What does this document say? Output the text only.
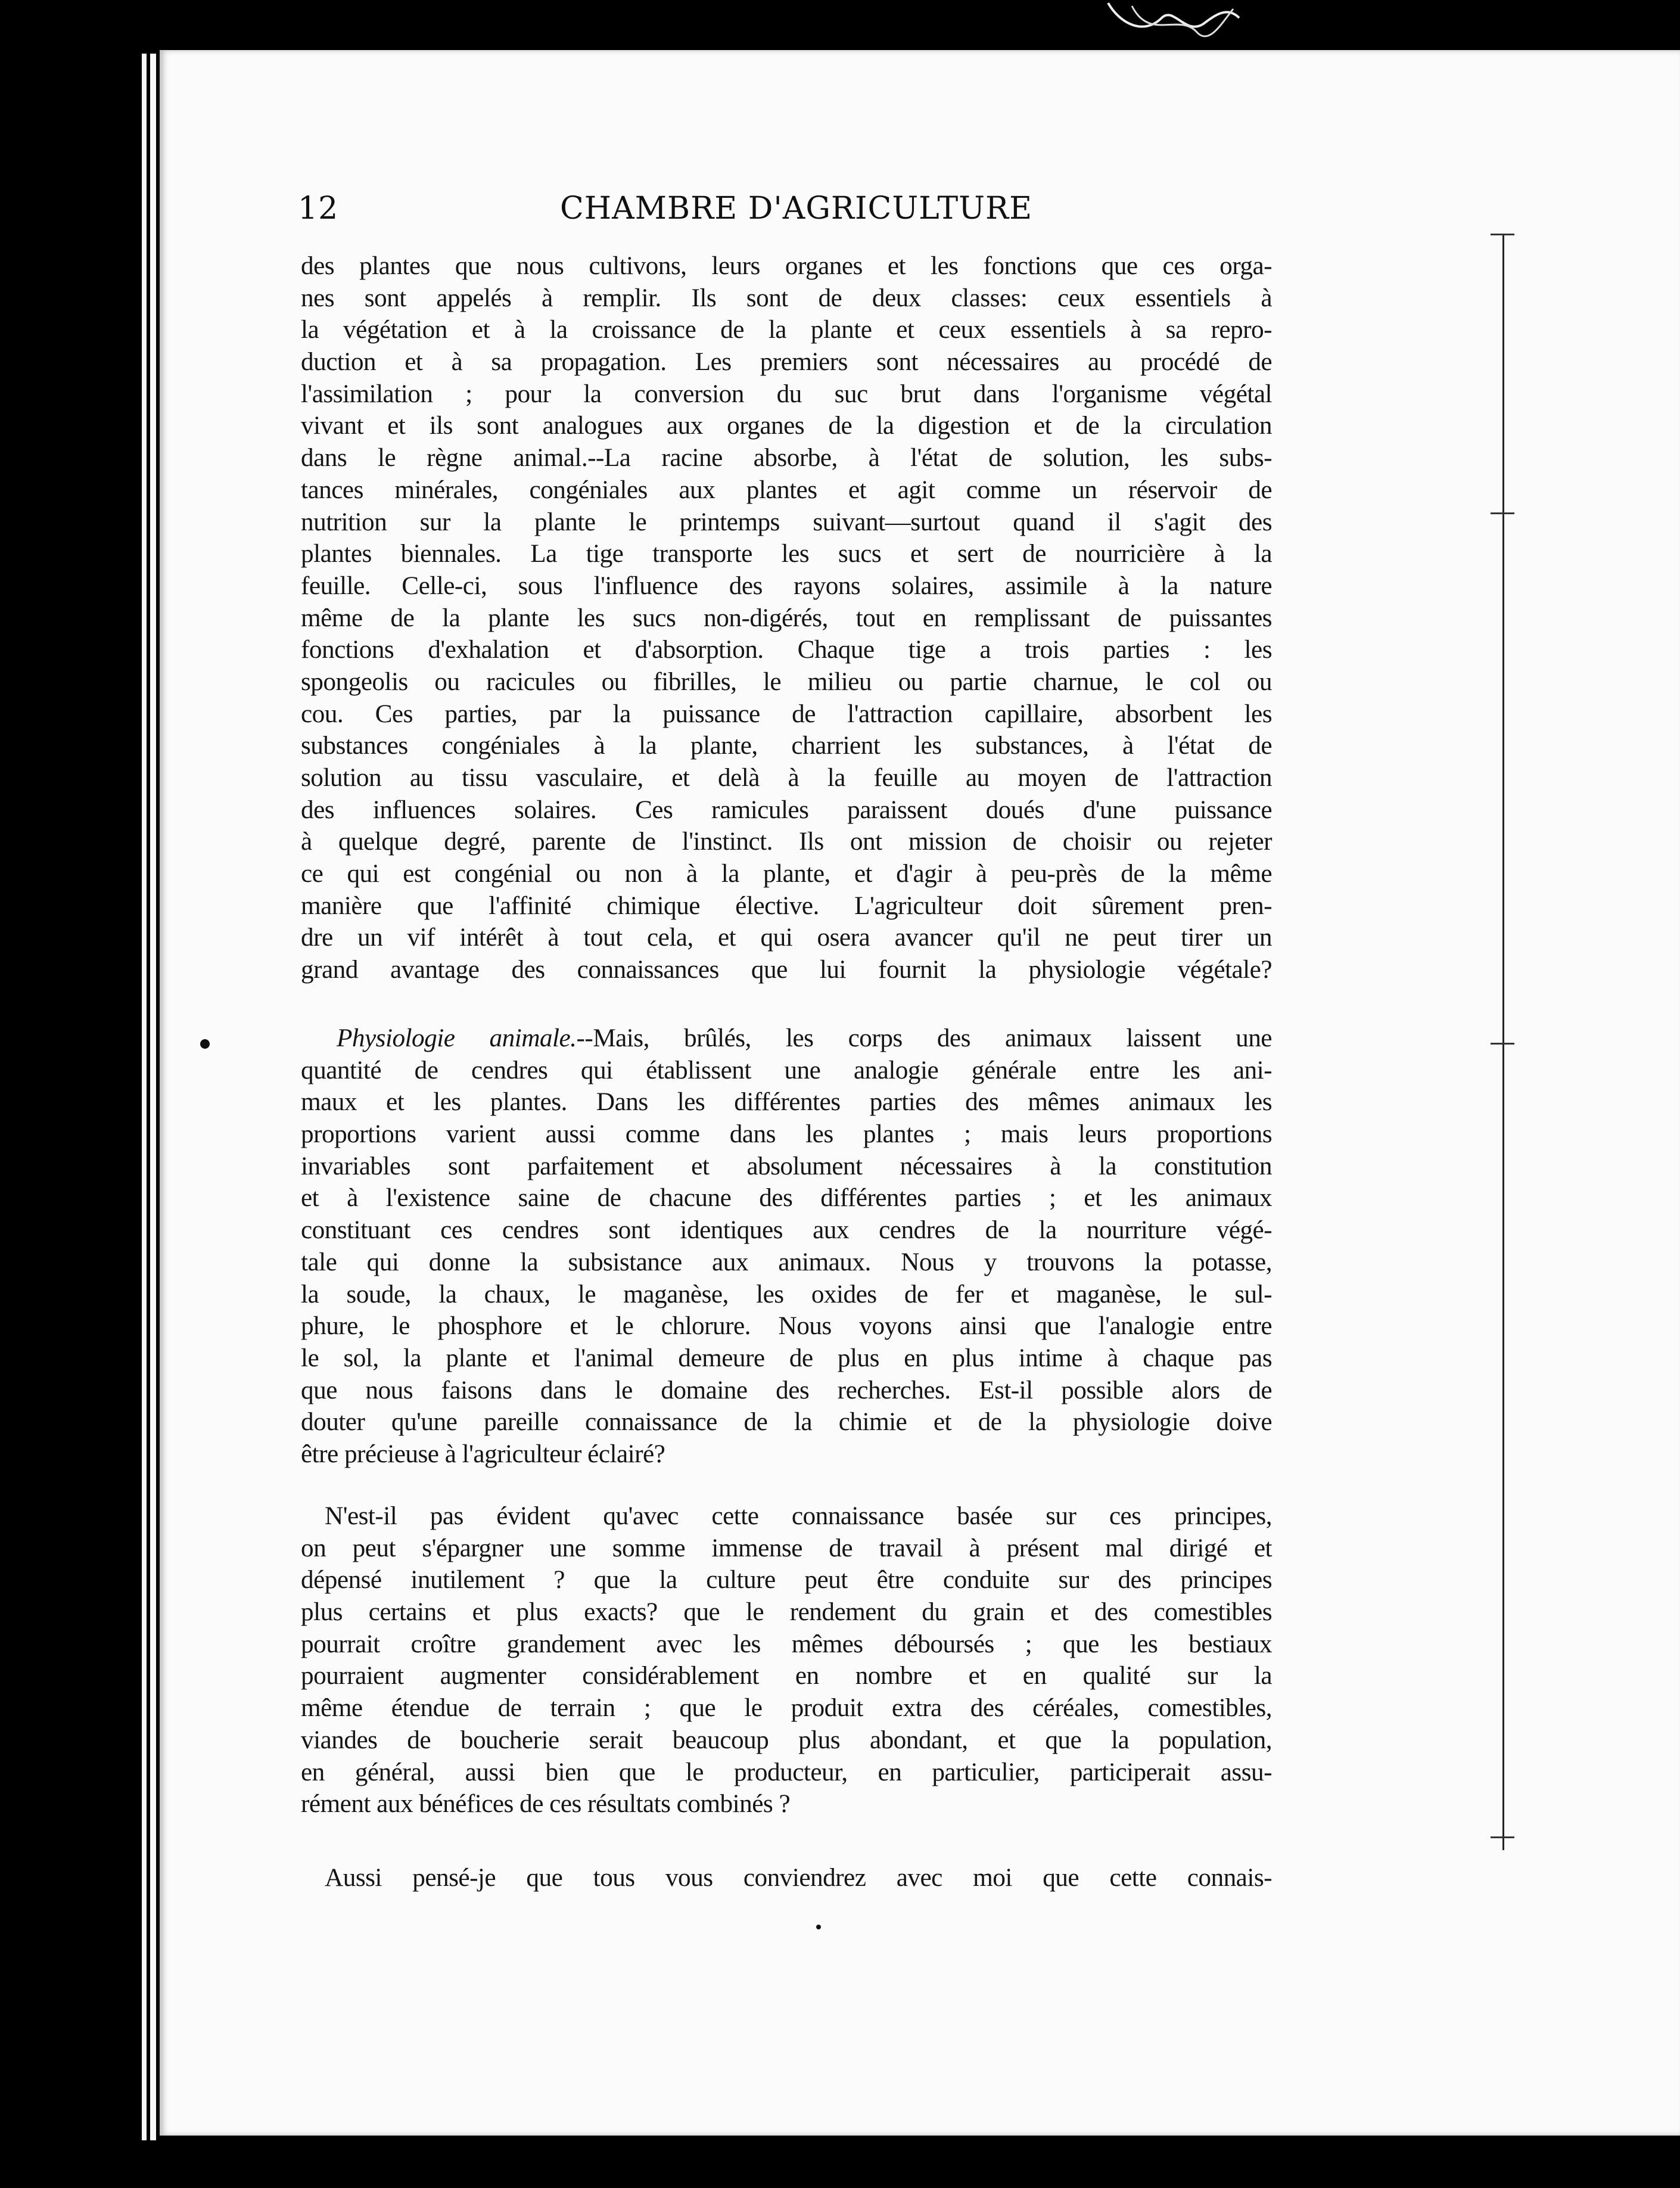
12	CHAMBRE D'AGRICULTURE
des plantes que nous cultivons, leurs organes et les fonctions que ces orga-
nes sont appelés à remplir. Ils sont de deux classes: ceux essentiels à
la végétation et à la croissance de la plante et ceux essentiels à sa repro-
duction et à sa propagation. Les premiers sont nécessaires au procédé de
l'assimilation ; pour la conversion du suc brut dans l'organisme végétal
vivant et ils sont analogues aux organes de la digestion et de la circulation
dans le règne animal.--La racine absorbe, à l'état de solution, les subs-
tances minérales, congéniales aux plantes et agit comme un réservoir de
nutrition sur la plante le printemps suivant—surtout quand il s'agit des
plantes biennales. La tige transporte les sucs et sert de nourricière à la
feuille. Celle-ci, sous l'influence des rayons solaires, assimile à la nature
même de la plante les sucs non-digérés, tout en remplissant de puissantes
fonctions d'exhalation et d'absorption. Chaque tige a trois parties : les
spongeolis ou racicules ou fibrilles, le milieu ou partie charnue, le col ou
cou. Ces parties, par la puissance de l'attraction capillaire, absorbent les
substances congéniales à la plante, charrient les substances, à l'état de
solution au tissu vasculaire, et delà à la feuille au moyen de l'attraction
des influences solaires. Ces ramicules paraissent doués d'une puissance
à quelque degré, parente de l'instinct. Ils ont mission de choisir ou rejeter
ce qui est congénial ou non à la plante, et d'agir à peu-près de la même
manière que l'affinité chimique élective. L'agriculteur doit sûrement pren-
dre un vif intérêt à tout cela, et qui osera avancer qu'il ne peut tirer un
grand avantage des connaissances que lui fournit la physiologie végétale?
Physiologie animale.--Mais, brûlés, les corps des animaux laissent une
quantité de cendres qui établissent une analogie générale entre les ani-
maux et les plantes. Dans les différentes parties des mêmes animaux les
proportions varient aussi comme dans les plantes ; mais leurs proportions
invariables sont parfaitement et absolument nécessaires à la constitution
et à l'existence saine de chacune des différentes parties ; et les animaux
constituant ces cendres sont identiques aux cendres de la nourriture végé-
tale qui donne la subsistance aux animaux. Nous y trouvons la potasse,
la soude, la chaux, le maganèse, les oxides de fer et maganèse, le sul-
phure, le phosphore et le chlorure. Nous voyons ainsi que l'analogie entre
le sol, la plante et l'animal demeure de plus en plus intime à chaque pas
que nous faisons dans le domaine des recherches. Est-il possible alors de
douter qu'une pareille connaissance de la chimie et de la physiologie doive
être précieuse à l'agriculteur éclairé?
N'est-il pas évident qu'avec cette connaissance basée sur ces principes,
on peut s'épargner une somme immense de travail à présent mal dirigé et
dépensé inutilement ? que la culture peut être conduite sur des principes
plus certains et plus exacts? que le rendement du grain et des comestibles
pourrait croître grandement avec les mêmes déboursés ; que les bestiaux
pourraient augmenter considérablement en nombre et en qualité sur la
même étendue de terrain ; que le produit extra des céréales, comestibles,
viandes de boucherie serait beaucoup plus abondant, et que la population,
en général, aussi bien que le producteur, en particulier, participerait assu-
rément aux bénéfices de ces résultats combinés ?
Aussi pensé-je que tous vous conviendrez avec moi que cette connais-
